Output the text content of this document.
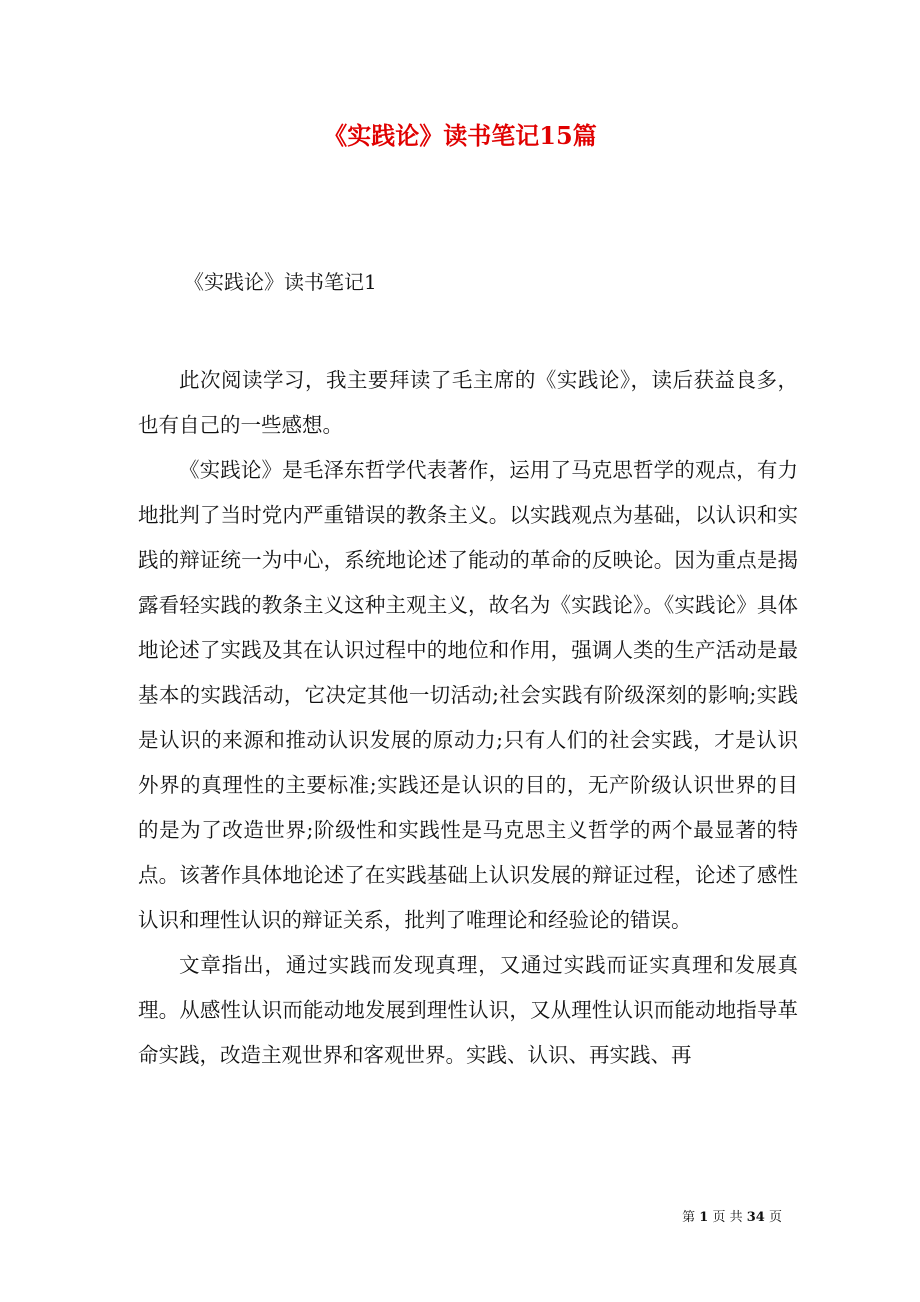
《实践论》读书笔记15篇
《实践论》读书笔记1

此次阅读学习，我主要拜读了毛主席的《实践论》，读后获益良多，也有自己的一些感想。

《实践论》是毛泽东哲学代表著作，运用了马克思哲学的观点，有力地批判了当时党内严重错误的教条主义。以实践观点为基础，以认识和实践的辩证统一为中心，系统地论述了能动的革命的反映论。因为重点是揭露看轻实践的教条主义这种主观主义，故名为《实践论》。《实践论》具体地论述了实践及其在认识过程中的地位和作用，强调人类的生产活动是最基本的实践活动，它决定其他一切活动;社会实践有阶级深刻的影响;实践是认识的来源和推动认识发展的原动力;只有人们的社会实践，才是认识外界的真理性的主要标准;实践还是认识的目的，无产阶级认识世界的目的是为了改造世界;阶级性和实践性是马克思主义哲学的两个最显著的特点。该著作具体地论述了在实践基础上认识发展的辩证过程，论述了感性认识和理性认识的辩证关系，批判了唯理论和经验论的错误。

文章指出，通过实践而发现真理，又通过实践而证实真理和发展真理。从感性认识而能动地发展到理性认识，又从理性认识而能动地指导革命实践，改造主观世界和客观世界。实践、认识、再实践、再

第 1 页 共 34 页
